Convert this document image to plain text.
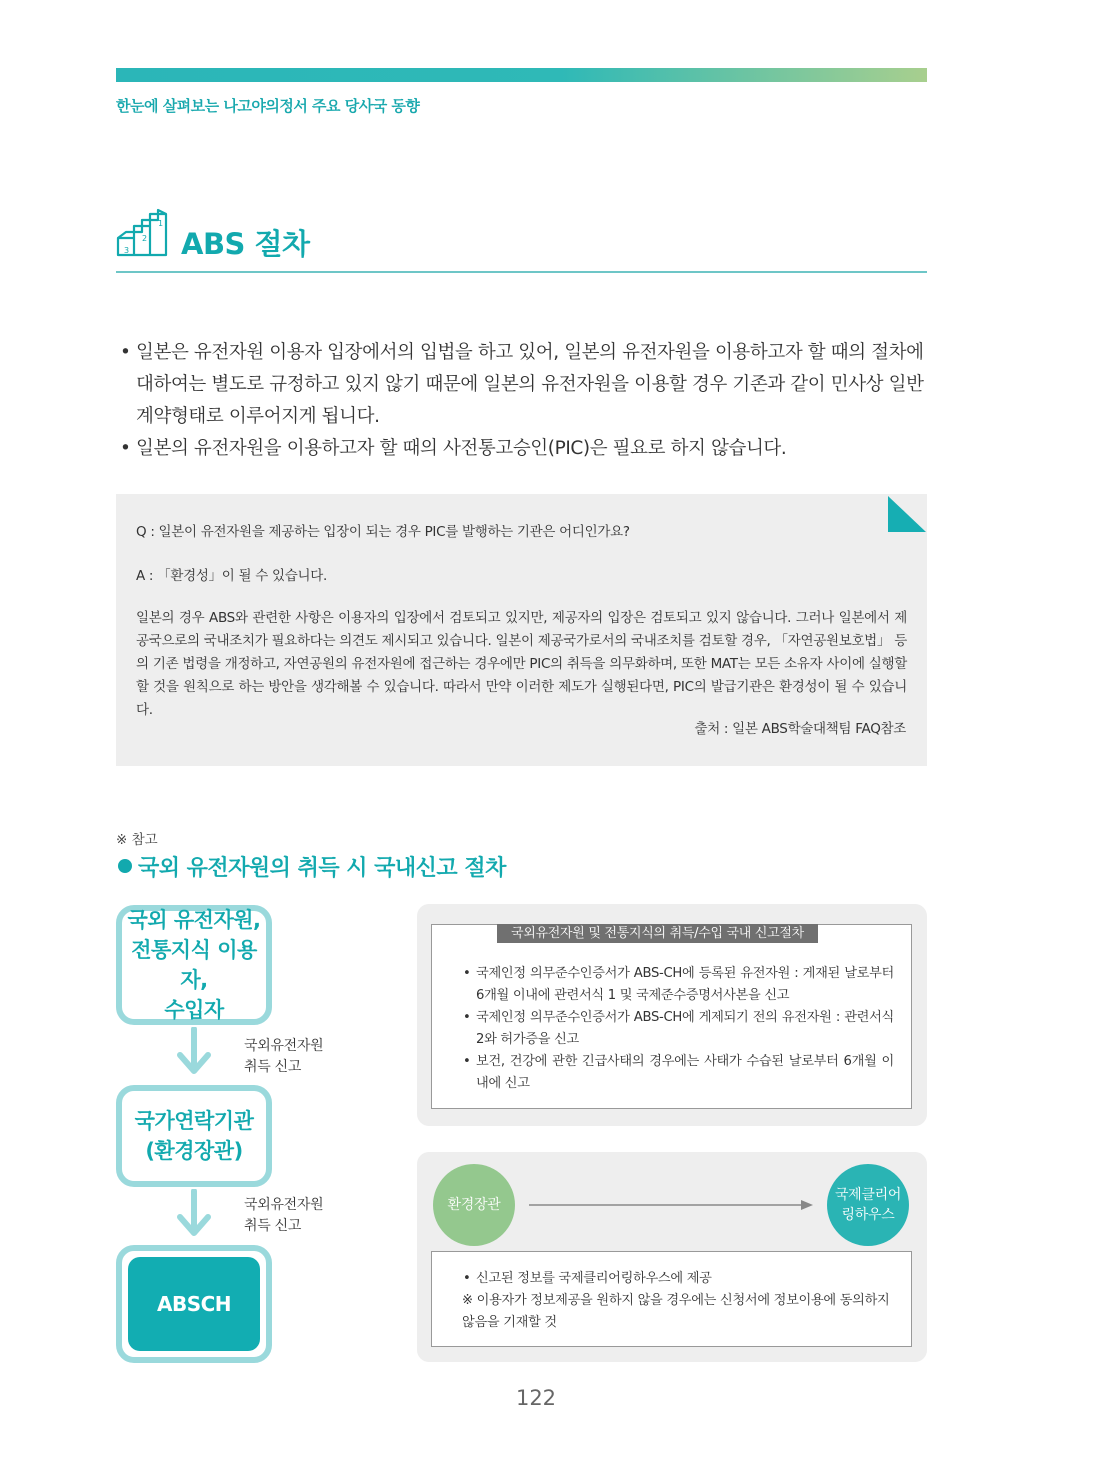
한눈에 살펴보는 나고야의정서 주요 당사국 동향
3
2
1
ABS 절차
• 일본은 유전자원 이용자 입장에서의 입법을 하고 있어, 일본의 유전자원을 이용하고자 할 때의 절차에 대하여는 별도로 규정하고 있지 않기 때문에 일본의 유전자원을 이용할 경우 기존과 같이 민사상 일반 계약형태로 이루어지게 됩니다.
• 일본의 유전자원을 이용하고자 할 때의 사전통고승인(PIC)은 필요로 하지 않습니다.
Q : 일본이 유전자원을 제공하는 입장이 되는 경우 PIC를 발행하는 기관은 어디인가요?
A : 「환경성」이 될 수 있습니다.
일본의 경우 ABS와 관련한 사항은 이용자의 입장에서 검토되고 있지만, 제공자의 입장은 검토되고 있지 않습니다. 그러나 일본에서 제공국으로의 국내조치가 필요하다는 의견도 제시되고 있습니다. 일본이 제공국가로서의 국내조치를 검토할 경우, 「자연공원보호법」 등의 기존 법령을 개정하고, 자연공원의 유전자원에 접근하는 경우에만 PIC의 취득을 의무화하며, 또한 MAT는 모든 소유자 사이에 실행할 할 것을 원칙으로 하는 방안을 생각해볼 수 있습니다. 따라서 만약 이러한 제도가 실행된다면, PIC의 발급기관은 환경성이 될 수 있습니다.
출처 : 일본 ABS학술대책팀 FAQ참조
※ 참고
국외 유전자원의 취득 시 국내신고 절차
국외 유전자원,
전통지식 이용자,
수입자
국외유전자원
취득 신고
국가연락기관
(환경장관)
국외유전자원
취득 신고
ABSCH
국외유전자원 및 전통지식의 취득/수입 국내 신고절차
• 국제인정 의무준수인증서가 ABS-CH에 등록된 유전자원 : 게재된 날로부터 6개월 이내에 관련서식 1 및 국제준수증명서사본을 신고
• 국제인정 의무준수인증서가 ABS-CH에 게제되기 전의 유전자원 : 관련서식 2와 허가증을 신고
• 보건, 건강에 관한 긴급사태의 경우에는 사태가 수습된 날로부터 6개월 이내에 신고
환경장관
국제클리어
링하우스
• 신고된 정보를 국제클리어링하우스에 제공
※ 이용자가 정보제공을 원하지 않을 경우에는 신청서에 정보이용에 동의하지 않음을 기재할 것
122
